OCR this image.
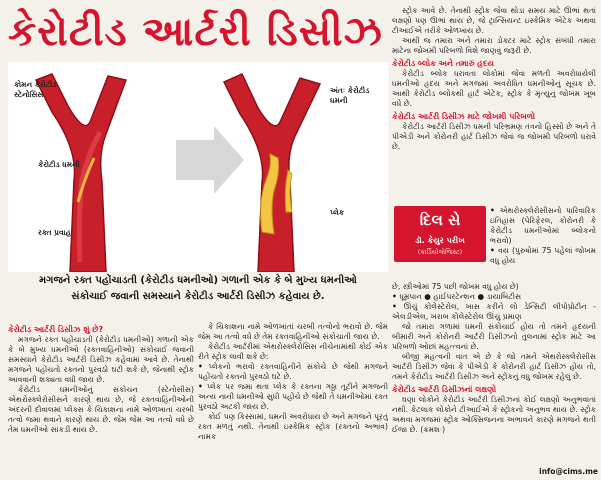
કેરોટીડ આર્ટરી ડિસીઝ
કોમન કેરોટીડ સ્ટેનોસિસ
કેરોટીડ ધમની
રક્ત પ્રવાહ
અંતઃ કેરોટીડ ધમની
પ્લેક
મગજને રક્ત પહોંચાડતી (કેરોટીડ ધમનીઓ) ગળાની એક કે બે મુખ્ય ધમનીઓ સંકોચાઈ જવાની સમસ્યાને કેરોટીડ આર્ટરી ડિસીઝ કહેવાય છે.
કેરોટીડ આર્ટરી ડિસીઝ શું છે?

મગજને રક્ત પહોંચાડતી (કેરોટીડ ધમનીઓ) ગળાની એક કે બે મુખ્ય ધમનીઓ (રક્તવાહિનીઓ) સંકોચાઈ જવાની સમસ્યાને કેરોટીડ આર્ટરી ડિસીઝ કહેવામાં આવે છે. તેનાથી મગજને પહોંચતો રક્તનો પુરવઠો ઘટી શકે છે, જેનાથી સ્ટ્રોક આવવાની શક્યતા વધી જાય છે.

કેરોટીડ ધમનીઓનું સંકોચન (સ્ટેનોસીસ) એથરોસ્ક્લેરોસીસને કારણે થાય છે, જે રક્તવાહિનીઓની અંદરની દીવાલમાં પ્લેક્સ કે ચિકાશના નામે ઓળખાતાં ચરબી તત્વો જમા થવાને કારણે થાય છે. જેમ જેમ આ તત્વો વધે છે તેમ ધમનીઓ સાંકડી થાય છે.

કે ચિકાશના નામે ઓળખાતાં ચરબી તત્વોનો ભરાવો છે. જેમ જેમ આ તત્વો વધે છે તેમ રક્તવાહિનીઓ સંકોચાતી જાય છે.

કેરોટીડ આર્ટરીમાં એથરોસ્ક્લેરોસિસ નીચેનામાંથી કોઈ એક રીતે સ્ટ્રોક લાવી શકે છે:

• પ્લેકનો ભરાવો રક્તવાહિનીને સંકોચે છે જેથી મગજને પહોંચતો રક્તનો પુરવઠો ઘટે છે.
• પ્લેક પર જમા થતા પ્લેક કે રક્તના ગઠ્ઠા તૂટીને મગજની અન્ય નાની ધમનીઓ સુધી પહોંચે છે જેથી તે ધમનીઓમાં રક્ત પુરવઠો અટકી જાય છે.

કોઈ પણ કિસ્સામાં, ધમની અવરોધાય છે અને મગજને પૂરતું રક્ત મળતું નથી. તેનાથી ઇસ્કેમિક સ્ટ્રોક (રક્તનો અભાવ) નામક

સ્ટ્રોક આવે છે. તેનાથી સ્ટ્રોક જેવા થોડા સમય માટે ઊભાં થતાં લક્ષણો પણ ઊભાં થાય છે, જે ટ્રાન્સિયન્ટ ઇસ્કેમિક એટેક અથવા ટીઆઈએ તરીકે ઓળખાય છે.

આથી જ તમારા અને તમારા ડોક્ટર માટે સ્ટ્રોક સંબંધી તમારા માટેના જોખમી પરિબળો વિશે જાણવું જરૂરી છે.

કેરોટીડ બ્લોક અને તમારું હૃદય

કેરોટીડ બ્લોક ધરાવતા લોકોમાં જેવા મળતી અવરોધાયેલી ધમનીઓ હૃદય અને મગજમાં અવરોધિત ધમનીઓનું સૂચક છે. આથી કેરોટીડ બ્લોકથી હાર્ટ એટેક, સ્ટ્રોક કે મૃત્યુનું જોખમ ખૂબ વધે છે.

કેરોટીડ આર્ટરી ડિસીઝ માટે જોખમી પરિબળો

કેરોટીડ આર્ટરી ડિસીઝ ધમની પરિભ્રમણ તંત્રનો હિસ્સો છે અને તે પીએડી અને કોરોનરી હાર્ટ ડિસીઝ જેવાં જ જોખમી પરિબળો ધરાવે છે.

દિલ સે
ડૉ. કેયુર પરીખ
(કાર્ડિયોલોજિસ્ટ)
• એથરોસ્ક્લેરોસીસનો પારિવારિક ઇતિહાસ (પેરિફેરલ, કોરોનરી કે કેરોટીડ ધમનીઓમાં બ્લોકનો ભરાવો)
• વય (પુરુષોમાં 75 પહેલાં જોખમ વધુ હોય
છે, સ્ત્રીઓમાં 75 પછી જોખમ વધુ હોય છે)
• ધૂમ્રપાન ● હાઈપરટેન્શન ● ડાયાબિટીસ
• ઊંચું કોલેસ્ટેરોલ, ખાસ કરીને લો ડેન્સિટી લીપોપ્રોટીન - એલડીએલ, ખરાબ કોલેસ્ટેરોલ ઊંચું પ્રમાણ

જો તમારા ગળામાં ધમની સંકોચાઈ હોય તો તમને હૃદયની બીમારી અને કોરોનરી આર્ટરી ડિસીઝનો તુલનામાં સ્ટ્રોક માટે આ પરિબળો ઓછાં મહત્ત્વનાં છે.

બીજી મહત્વની વાત એ છે કે જો તમને એથરોસ્ક્લેરોસીસ આર્ટરી ડિસીઝ જેવા કે પીએડી કે કોરોનરી હાર્ટ ડિસીઝ હોય તો, તમને કેરોટીડ આર્ટરી ડિસીઝ અને સ્ટ્રોકનું વધુ જોખમ રહેલું છે.

કેરોટીડ આર્ટરી ડિસીઝનાં લક્ષણો

ઘણા લોકોને કેરોટીડ આર્ટરી ડિસીઝનાં કોઈ લક્ષણો અનુભવાતાં નથી. કેટલાક લોકોને ટીઆઈએ કે સ્ટ્રોકનો અનુભવ થાય છે. સ્ટ્રોક અથવા મગજમાં સ્ટ્રોક ઓક્સિજનના અભાવને કારણે મગજને થતી ઈજા છે. (ક્રમશઃ)

info@cims.me
